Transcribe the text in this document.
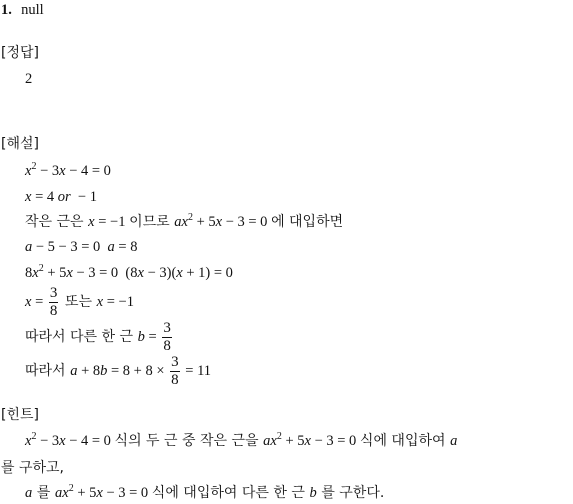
1. null
[정답]
2
[해설]
$x^2 - 3x - 4 = 0$
x = 4 or  − 1
작은 근은 x = −1 이므로 $ax^2 + 5x - 3 = 0$ 에 대입하면
a − 5 − 3 = 0  a = 8
$8x^2 + 5x - 3 = 0$  (8x − 3)(x + 1) = 0
$x = \frac{3}{8}$ 또는 x = −1
따라서 다른 한 근 $b = \frac{3}{8}$
따라서 $a + 8b = 8 + 8 \times \frac{3}{8} = 11$
[힌트]
$x^2 - 3x - 4 = 0$ 식의 두 근 중 작은 근을 $ax^2 + 5x - 3 = 0$ 식에 대입하여 a
를 구하고,
a 를 $ax^2 + 5x - 3 = 0$ 식에 대입하여 다른 한 근 b 를 구한다.
